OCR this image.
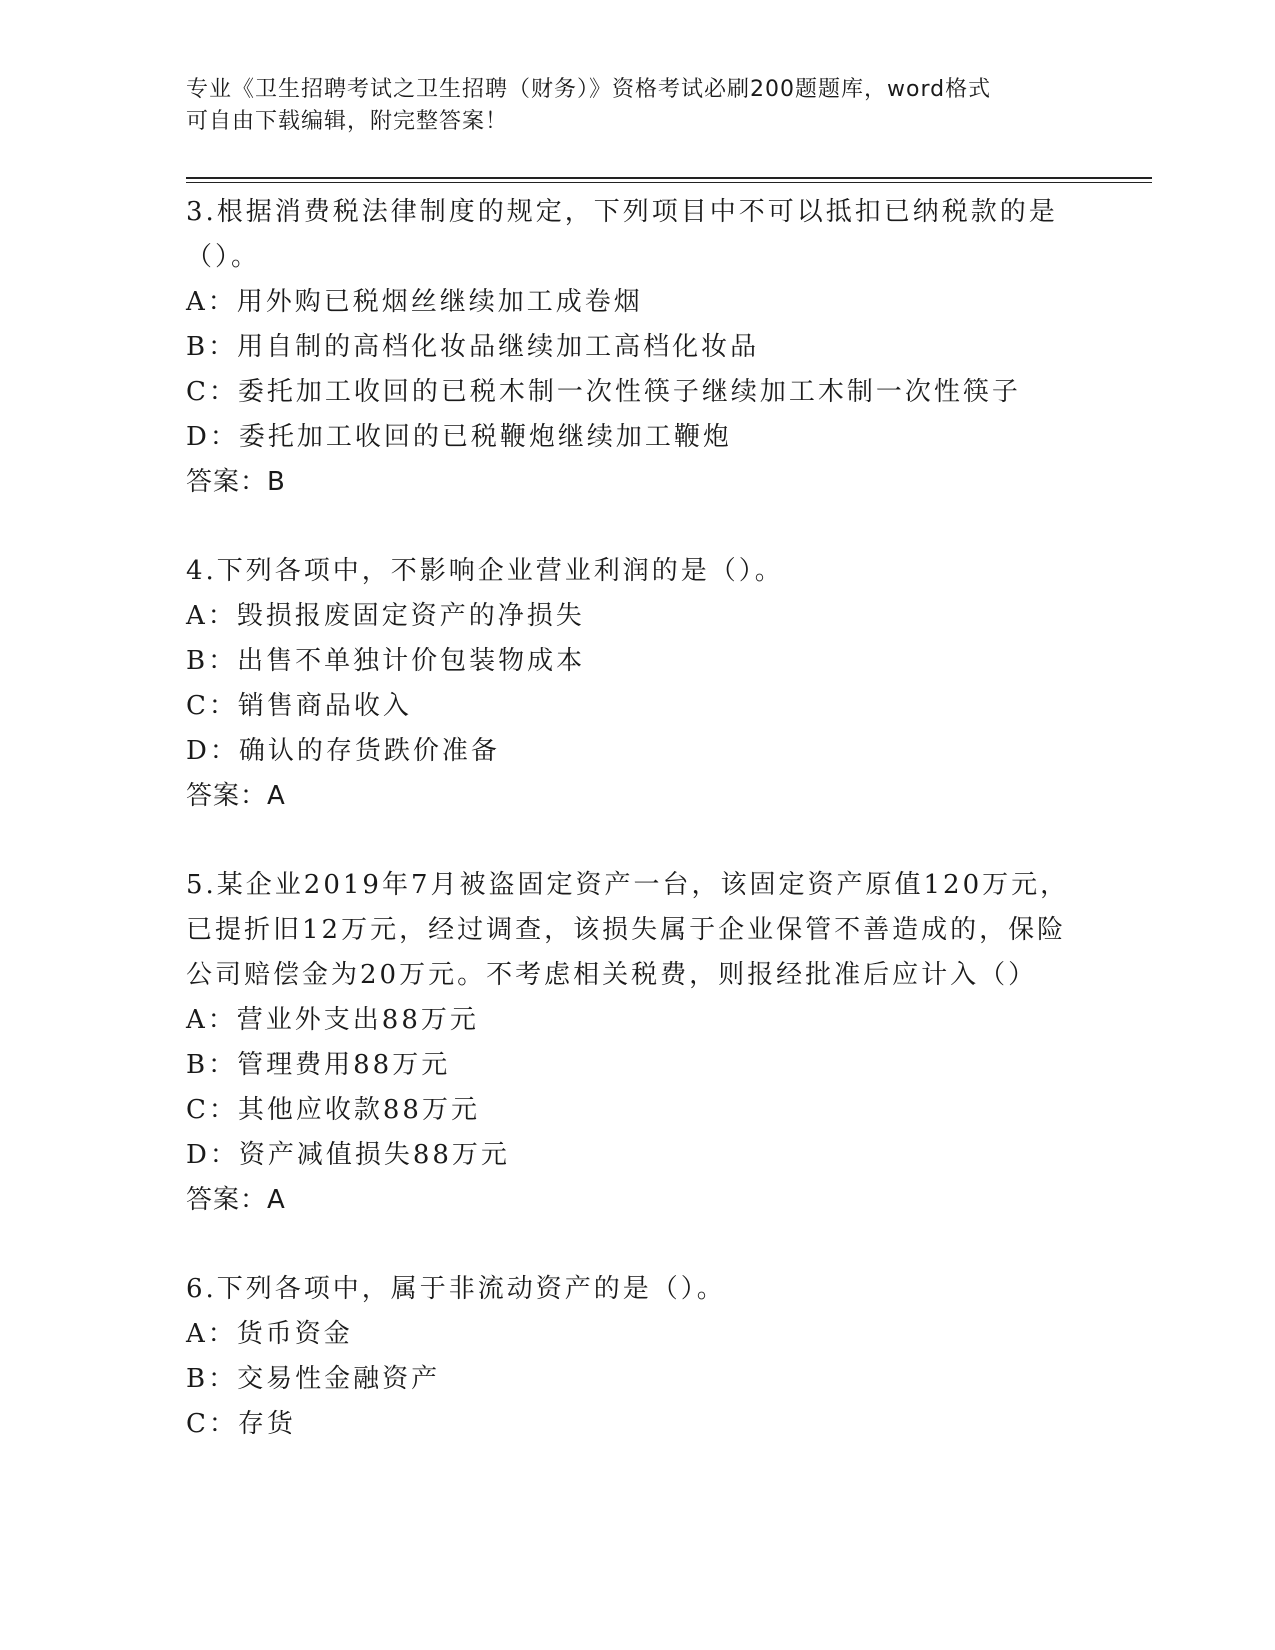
专业《卫生招聘考试之卫生招聘（财务）》资格考试必刷200题题库，word格式
可自由下载编辑，附完整答案！
3.根据消费税法律制度的规定，下列项目中不可以抵扣已纳税款的是
（）。
A：用外购已税烟丝继续加工成卷烟
B：用自制的高档化妆品继续加工高档化妆品
C：委托加工收回的已税木制一次性筷子继续加工木制一次性筷子
D：委托加工收回的已税鞭炮继续加工鞭炮
答案：B
4.下列各项中，不影响企业营业利润的是（）。
A：毁损报废固定资产的净损失
B：出售不单独计价包装物成本
C：销售商品收入
D：确认的存货跌价准备
答案：A
5.某企业2019年7月被盗固定资产一台，该固定资产原值120万元，
已提折旧12万元，经过调查，该损失属于企业保管不善造成的，保险
公司赔偿金为20万元。不考虑相关税费，则报经批准后应计入（）
A：营业外支出88万元
B：管理费用88万元
C：其他应收款88万元
D：资产减值损失88万元
答案：A
6.下列各项中，属于非流动资产的是（）。
A：货币资金
B：交易性金融资产
C：存货
